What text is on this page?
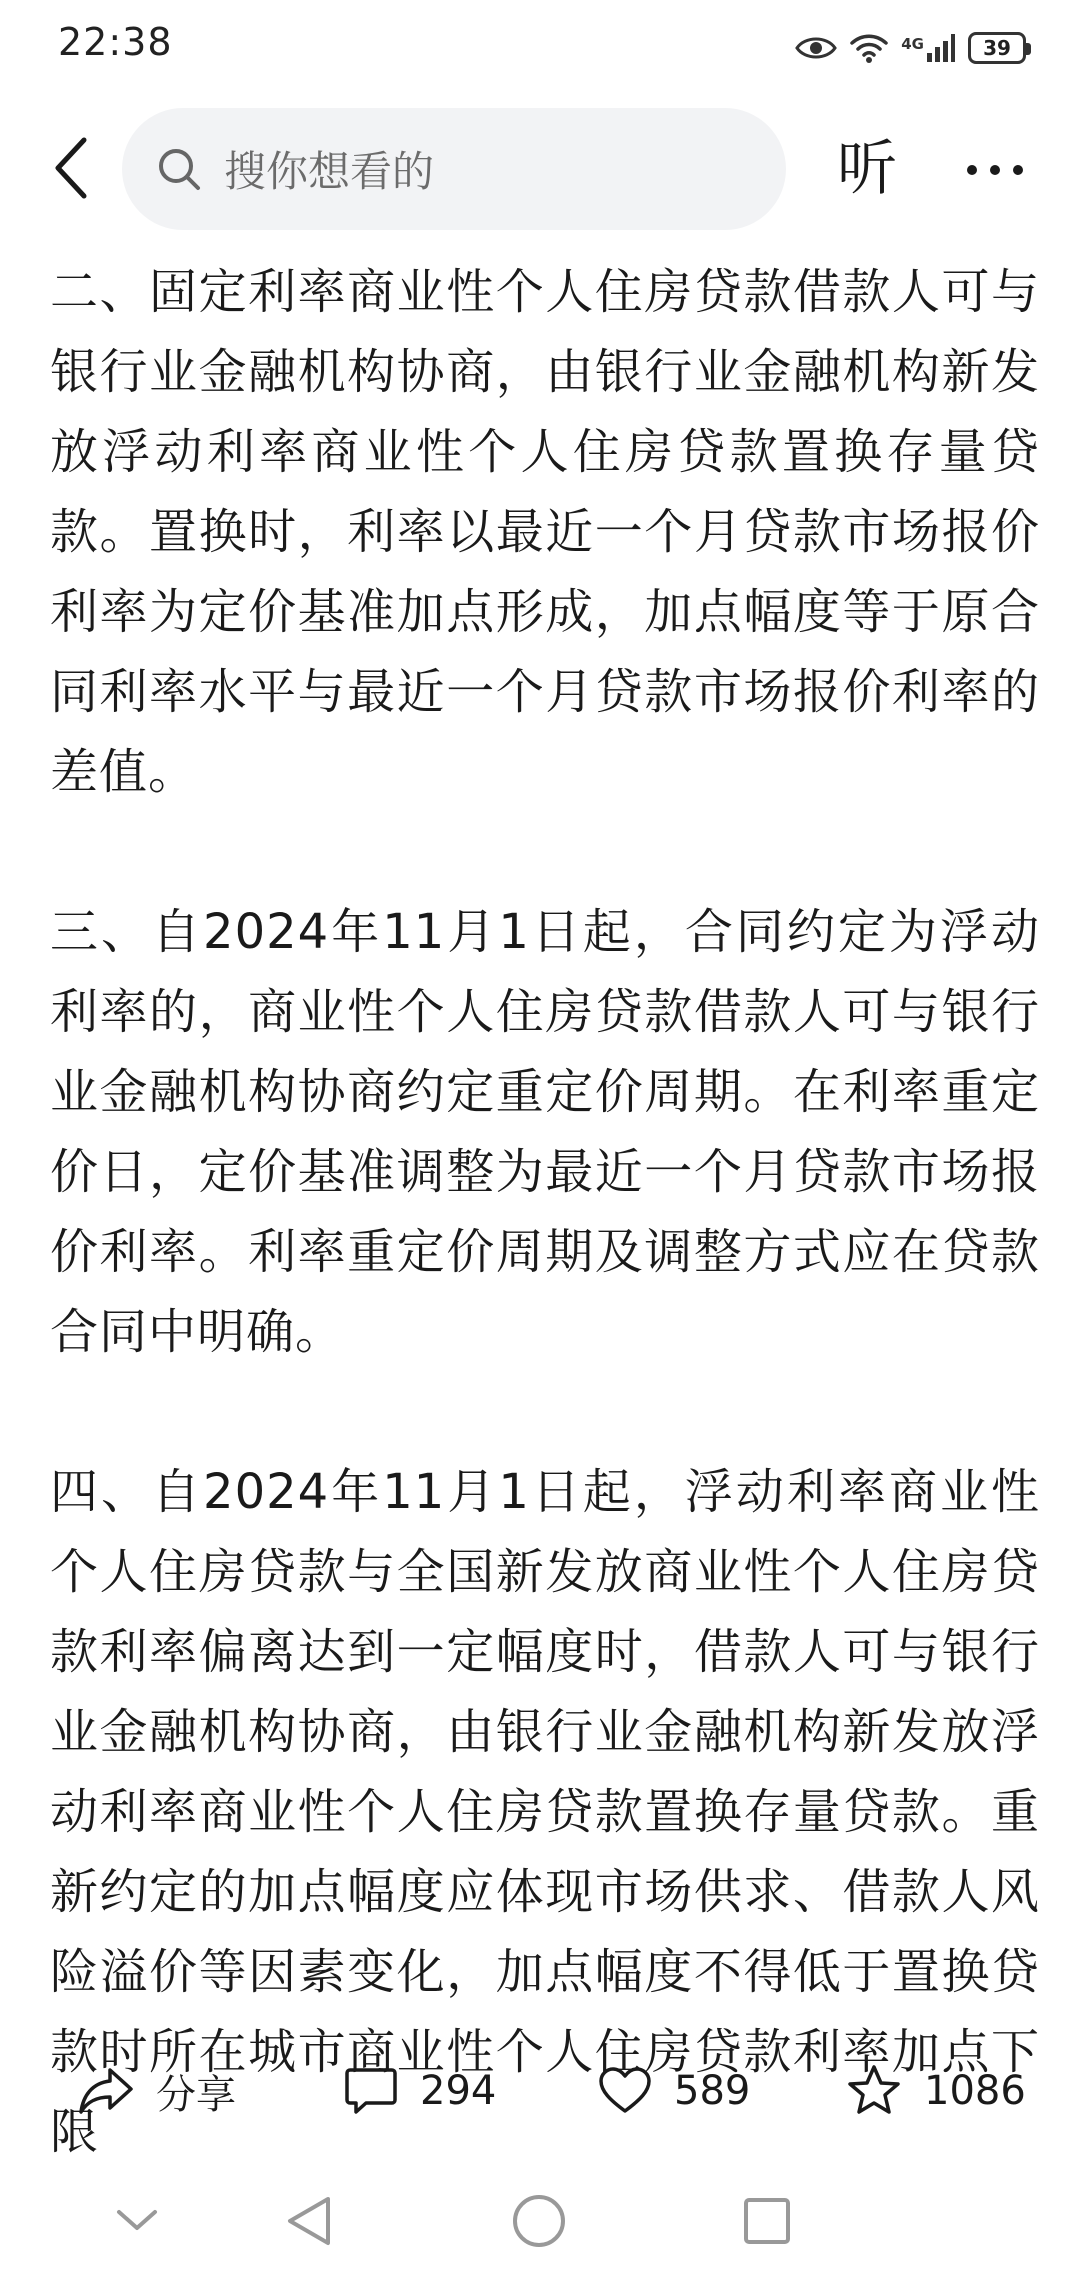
22:38	4G	39
搜你想看的	听

二、固定利率商业性个人住房贷款借款人可与银行业金融机构协商，由银行业金融机构新发放浮动利率商业性个人住房贷款置换存量贷款。置换时，利率以最近一个月贷款市场报价利率为定价基准加点形成，加点幅度等于原合同利率水平与最近一个月贷款市场报价利率的差值。

三、自2024年11月1日起，合同约定为浮动利率的，商业性个人住房贷款借款人可与银行业金融机构协商约定重定价周期。在利率重定价日，定价基准调整为最近一个月贷款市场报价利率。利率重定价周期及调整方式应在贷款合同中明确。

四、自2024年11月1日起，浮动利率商业性个人住房贷款与全国新发放商业性个人住房贷款利率偏离达到一定幅度时，借款人可与银行业金融机构协商，由银行业金融机构新发放浮动利率商业性个人住房贷款置换存量贷款。重新约定的加点幅度应体现市场供求、借款人风险溢价等因素变化，加点幅度不得低于置换贷款时所在城市商业性个人住房贷款利率加点下限

分享	294	589	1086
